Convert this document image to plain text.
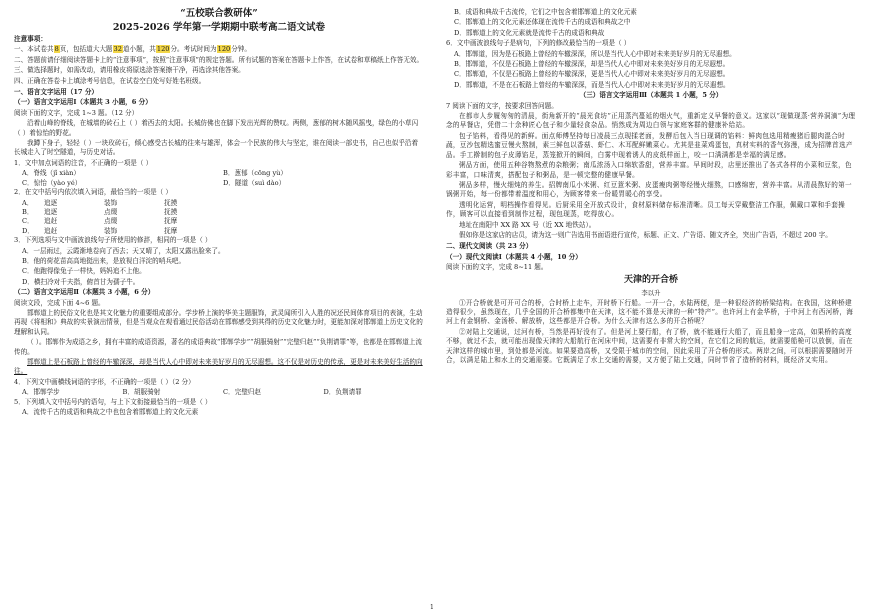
“五校联合教研体”

2025-2026 学年第一学期期中联考高二语文试卷

注意事项：

一、本试卷共8页，包括道大大题32道小题，共120分。考试时间为120分钟。

二、答题前请仔细阅读答题卡上的“注意事项”，按照“注意事项”的规定答题。所有试题的答案在答题卡上作答，在试卷和草稿纸上作答无效。

三、做选择题时，如需改动，请用橡皮将原选涂答案擦干净，再选涂其他答案。

四、正确在答卷卡上填涂考号信息，在试卷空白处写好姓名班级。

一、语言文字运用（17 分）

（一）语言文字运用Ⅰ（本题共 3 小题，6 分）

阅读下面的文字，完成 1~3 题。（12 分）

沿着山峰的脊线，在城墙的砖石上（ ）着西去的太阳。长城仿佛也在脚下发出光辉的赞叹。两侧，葱郁的树木随风摇曳，绿色的小草闪（ ）着惊怡的野花。

我蹲下身子，轻轻（ ）一块玫砖石，倾心感受古长城的往来与雄浑，体会一个民族的伟大与坚定，谁在阅读一部史书，自己也似乎沿着长城走入了时空隧道，与历史对话。

1．文中加点词语的注音，不正确的一项是（ ）

A．脊线（jǐ xiàn）	B．葱郁（cōng yù）
C．惊怡（yào yé）	D．隧道（suì dào）

2．在文中括号内依次填入词语，最恰当的一项是（ ）

A．	追逐	装饰	抚摸
B．	追逐	点缀	抚摸
C．	追赶	点缀	抚摩
D．	追赶	装饰	抚摩

3．下列选项与文中画波浪线句子所使用的修辞，相同的一项是（ ）

A．一层雨过，云霞渐地卷向了西去；天又晴了，太阳又露出脸来了。

B．他的荷花苗高高地挺出来，是放视白洋淀的哨兵吧。

C．他跑得像兔子一样快，妈妈追不上他。

D．横扫冷对千夫指，俯首甘为孺子牛。

（二）语言文字运用Ⅱ（本题共 3 小题，6 分）

阅读文段，完成下面 4~6 题。

邯郸道上的民俗文化也是其文化魅力的重要组成部分。学步桥上演的华美主题服饰，武灵闻所引入人胜的况还民间体育项目的表演，生动再现《将相和》典故的实景演出情景，但是当观众在观看通过民俗活动在邯郸感受到其得的历史文化魅力时，更能加深对邯郸道上历史文化的理解和认同。

（ ）。邯郸作为成语之乡，拥有丰富的成语资源，著名的成语典故“邯郸学步”“胡服骑射”“完璧归赵”“负荆请罪”等，也都是在邯郸道上流传的。

邯郸道上是石板路上曾经的车辙深深，却是当代人心中即对未来美好岁月的无尽遐想。这不仅是对历史的传承，更是对未来美好生活的向往。

4．下列文中画横线词语的字形，不正确的一项是（ ）（2 分）

A．邯郸学步	B．胡服骑射	C．完璧归赵	D．负荆请罪

5．下列填入文中括号内的语句，与上下文衔接最恰当的一项是（ ）

A．流传千古的成语和典故之中也包含着邯郸道上的文化元素

B．成语和典故千古流传，它们之中包含着邯郸道上的文化元素

C．邯郸道上的文化元素还体现在流传千古的成语和典故之中

D．邯郸道上的文化元素就是流传千古的成语和典故

6．文中画波浪线句子是病句，下列的修改最恰当的一项是（ ）

A．邯郸道，因为是石板路上曾经的车辙深深，所以是当代人心中即对未来美好岁月的无尽遐想。

B．邯郸道，不仅是石板路上曾经的车辙深深，却是当代人心中即对未来美好岁月的无尽遐想。

C．邯郸道，不仅是石板路上曾经的车辙深深，更是当代人心中即对未来美好岁月的无尽遐想。

D．邯郸道，不是在石板路上曾经的车辙深深，而是当代人心中即对未来美好岁月的无尽遐想。

（三）语言文字运用Ⅲ（本题共 1 小题，5 分）

7 阅读下面的文字，按要求回答问题。

在都市人步履匆匆的清晨，街角新开的“晨光食坊”正用蒸汽蔓延的烟火气，重新定义早餐的意义。这家以“现做现蒸·营养洞滴”为理念的早餐店，凭借二十余种匠心包子和少量轻食杂品。悄然成为周边白领与家庭客群的健康补给站。

包子馅料，看得见的新鲜。面点师傅坚持每日凌晨三点现揉老面，发酵后包入当日现调的馅料：鲜肉包选用精瘦猪后腿肉混合时蔬，豆沙包精选蜜豆慢火熬制，素三鲜包以香菇、虾仁、木耳配鲜嫩菜心。尤其是韭菜鸡蛋包，真材实料的香气弥漫，成为招牌首选产品。手工擀制的包子皮薄馅足，蒸笼掀开的瞬间，白雾中现着诱人的皮纸样面上，咬一口满满都是幸福的满足感。

粥品方面，使用五种谷物熬煮的杂粮粥；南瓜浓汤入口绵软香甜，营养丰富。早间时段，店里还推出了各式各样的小菜和豆浆，色彩丰富，口味清爽，搭配包子和粥品，是一顿完整的健康早餐。

粥品多样，慢火细炖的养生。招牌南瓜小米粥、红豆薏米粥、皮蛋瘦肉粥等经慢火细熬，口感绵密，营养丰富。从清晨熬好的第一锅粥开始，每一份都带着温度和用心，为顾客带来一份暖胃暖心的享受。

透明化运营，明档操作看得见。后厨采用全开放式设计，食材原料储存标准清晰。员工每天穿戴整洁工作服，佩戴口罩和手套操作，顾客可以直接看到制作过程，现包现蒸，吃得放心。

地址在南阳中 XX 路 XX 号（近 XX 地铁站）。

假如你是这家店的店员，请为这一则广告选用书面语进行宣传，标题、正文、广告语、随文齐全，突出广告语，不超过 200 字。

二、现代文阅读（共 23 分）

（一）现代文阅读Ⅰ（本题共 4 小题，10 分）

阅读下面的文字，完成 8~11 题。

天津的开合桥

李以升

①开合桥就是可开可合的桥，合时桥上走车，开时桥下行船。一开一合，水陆两便，是一种很经济的桥梁结构。在我国，这种桥建造得很少，虽然现在，几乎全国的开合桥都集中在天津，这不能不算是天津的一种“特产”。也许河上有金华桥，于中河上有西河桥，海河上有金钢桥、金汤桥、解放桥，这些都是开合桥。为什么天津有这么多的开合桥呢？

②对陆上交通说，过河有桥，当然是再好没有了。但是河上要行船，有了桥，就不能通行大船了，而且船身一定高，如果桥的高度不够，就过不去，就可能出现像天津的大船航行在河床中间，这需要有非常大的空间，在它们之间的航运，就需要船桅可以放倒，而在天津这样的城市里，到处都是河流。如果要造高桥，又受限于城市的空间，因此采用了开合桥的形式。两岸之间，可以根据需要随时开合，以满足陆上和水上的交通需要。它既满足了水上交通的需要，又方便了陆上交通，同时节省了造桥的材料，既经济又实用。

1
